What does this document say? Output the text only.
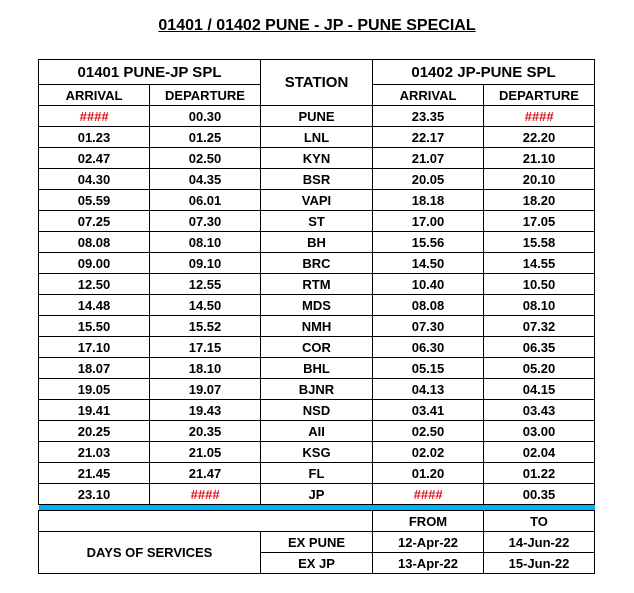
01401 / 01402 PUNE - JP - PUNE SPECIAL
01401 PUNE-JP SPL		STATION	01402 JP-PUNE SPL	
ARRIVAL	DEPARTURE		ARRIVAL	DEPARTURE
####	00.30	PUNE	23.35	####
01.23	01.25	LNL	22.17	22.20
02.47	02.50	KYN	21.07	21.10
04.30	04.35	BSR	20.05	20.10
05.59	06.01	VAPI	18.18	18.20
07.25	07.30	ST	17.00	17.05
08.08	08.10	BH	15.56	15.58
09.00	09.10	BRC	14.50	14.55
12.50	12.55	RTM	10.40	10.50
14.48	14.50	MDS	08.08	08.10
15.50	15.52	NMH	07.30	07.32
17.10	17.15	COR	06.30	06.35
18.07	18.10	BHL	05.15	05.20
19.05	19.07	BJNR	04.13	04.15
19.41	19.43	NSD	03.41	03.43
20.25	20.35	AII	02.50	03.00
21.03	21.05	KSG	02.02	02.04
21.45	21.47	FL	01.20	01.22
23.10	####	JP	####	00.35

			FROM	TO
DAYS OF SERVICES		EX PUNE	12-Apr-22	14-Jun-22
		EX JP	13-Apr-22	15-Jun-22
